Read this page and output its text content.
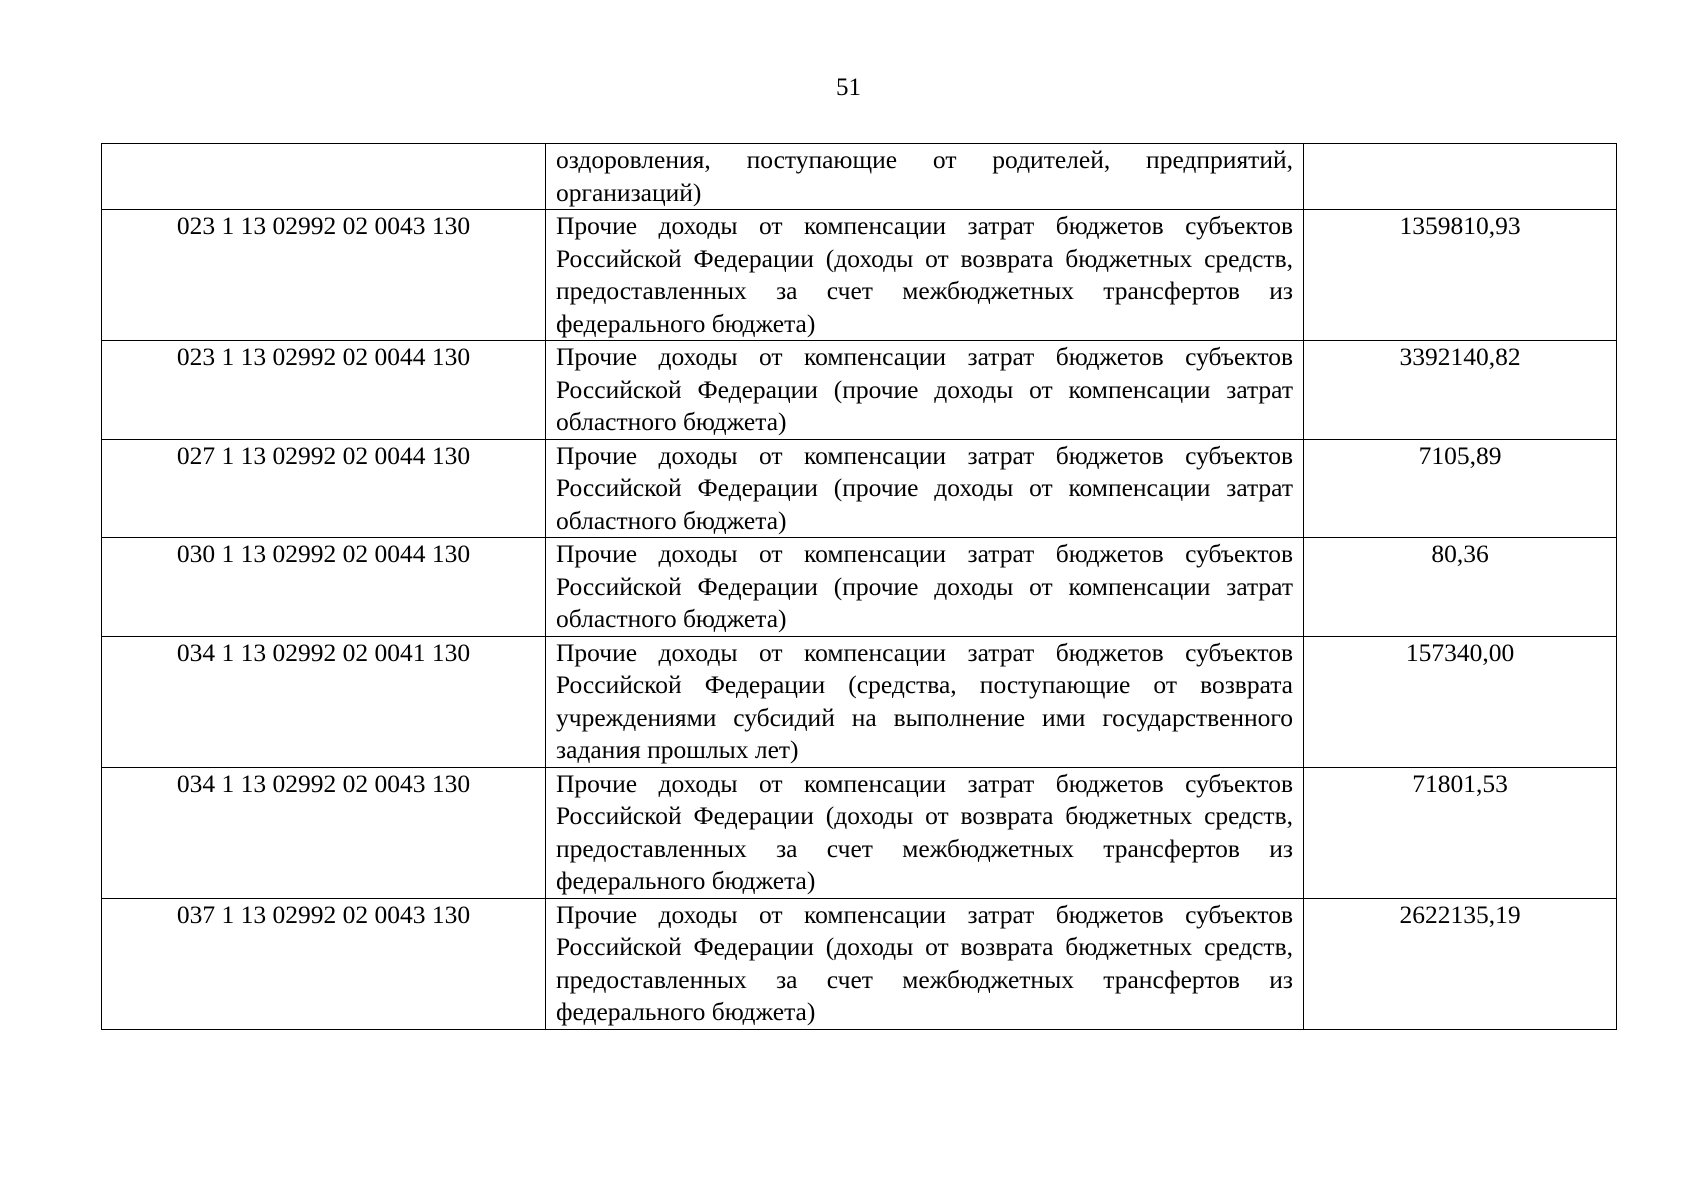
51
	оздоровления, поступающие от родителей, предприятий, организаций)	
023 1 13 02992 02 0043 130	Прочие доходы от компенсации затрат бюджетов субъектов Российской Федерации (доходы от возврата бюджетных средств, предоставленных за счет межбюджетных трансфертов из федерального бюджета)	1359810,93
023 1 13 02992 02 0044 130	Прочие доходы от компенсации затрат бюджетов субъектов Российской Федерации (прочие доходы от компенсации затрат областного бюджета)	3392140,82
027 1 13 02992 02 0044 130	Прочие доходы от компенсации затрат бюджетов субъектов Российской Федерации (прочие доходы от компенсации затрат областного бюджета)	7105,89
030 1 13 02992 02 0044 130	Прочие доходы от компенсации затрат бюджетов субъектов Российской Федерации (прочие доходы от компенсации затрат областного бюджета)	80,36
034 1 13 02992 02 0041 130	Прочие доходы от компенсации затрат бюджетов субъектов Российской Федерации (средства, поступающие от возврата учреждениями субсидий на выполнение ими государственного задания прошлых лет)	157340,00
034 1 13 02992 02 0043 130	Прочие доходы от компенсации затрат бюджетов субъектов Российской Федерации (доходы от возврата бюджетных средств, предоставленных за счет межбюджетных трансфертов из федерального бюджета)	71801,53
037 1 13 02992 02 0043 130	Прочие доходы от компенсации затрат бюджетов субъектов Российской Федерации (доходы от возврата бюджетных средств, предоставленных за счет межбюджетных трансфертов из федерального бюджета)	2622135,19
